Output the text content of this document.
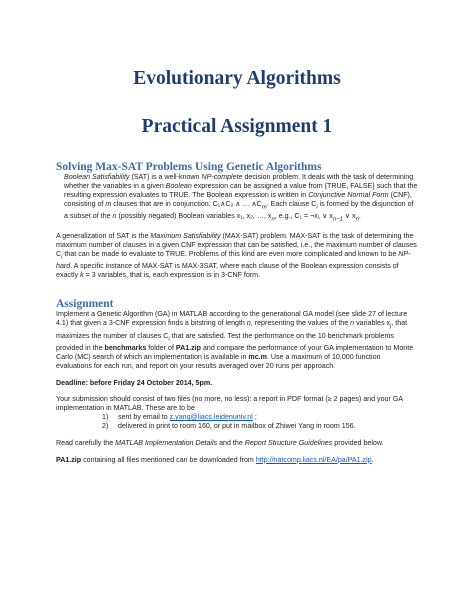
Evolutionary Algorithms
Practical Assignment 1
Solving Max-SAT Problems Using Genetic Algorithms

Boolean Satisfiability (SAT) is a well-known NP-complete decision problem. It deals with the task of determining whether the variables in a given Boolean expression can be assigned a value from {TRUE, FALSE} such that the resulting expression evaluates to TRUE. The Boolean expression is written in Conjunctive Normal Form (CNF), consisting of m clauses that are in conjunction: C₁∧C₂ ∧ … $\wedge C_m$. Each clause $C_i$ is formed by the disjunction of a subset of the n (possibly negated) Boolean variables x₁, x₂, …, $x_n$, e.g., C₁ = ¬x₁ ∨ $x_{n-1}$ ∨ $x_n$.

A generalization of SAT is the Maximum Satisfiability (MAX-SAT) problem. MAX-SAT is the task of determining the maximum number of clauses in a given CNF expression that can be satisfied, i.e., the maximum number of clauses $C_i$ that can be made to evaluate to TRUE. Problems of this kind are even more complicated and known to be NP-hard. A specific instance of MAX-SAT is MAX-3SAT, where each clause of the Boolean expression consists of exactly k = 3 variables, that is, each expression is in 3-CNF form.

Assignment

Implement a Genetic Algorithm (GA) in MATLAB according to the generational GA model (see slide 27 of lecture 4.1) that given a 3-CNF expression finds a bitstring of length n, representing the values of the n variables $x_j$, that maximizes the number of clauses $C_i$ that are satisfied. Test the performance on the 10 benchmark problems provided in the benchmarks folder of PA1.zip and compare the performance of your GA implementation to Monte Carlo (MC) search of which an implementation is available in mc.m. Use a maximum of 10,000 function evaluations for each run, and report on your results averaged over 20 runs per approach.

Deadline: before Friday 24 October 2014, 5pm.

Your submission should consist of two files (no more, no less): a report in PDF format (≥ 2 pages) and your GA implementation in MATLAB. These are to be

1)	sent by email to z.yang@liacs.leidenuniv.nl ;
2)	delivered in print to room 160, or put in mailbox of Zhiwei Yang in room 156.

Read carefully the MATLAB Implementation Details and the Report Structure Guidelines provided below.

PA1.zip containing all files mentioned can be downloaded from http://natcomp.liacs.nl/EA/pa/PA1.zip.
